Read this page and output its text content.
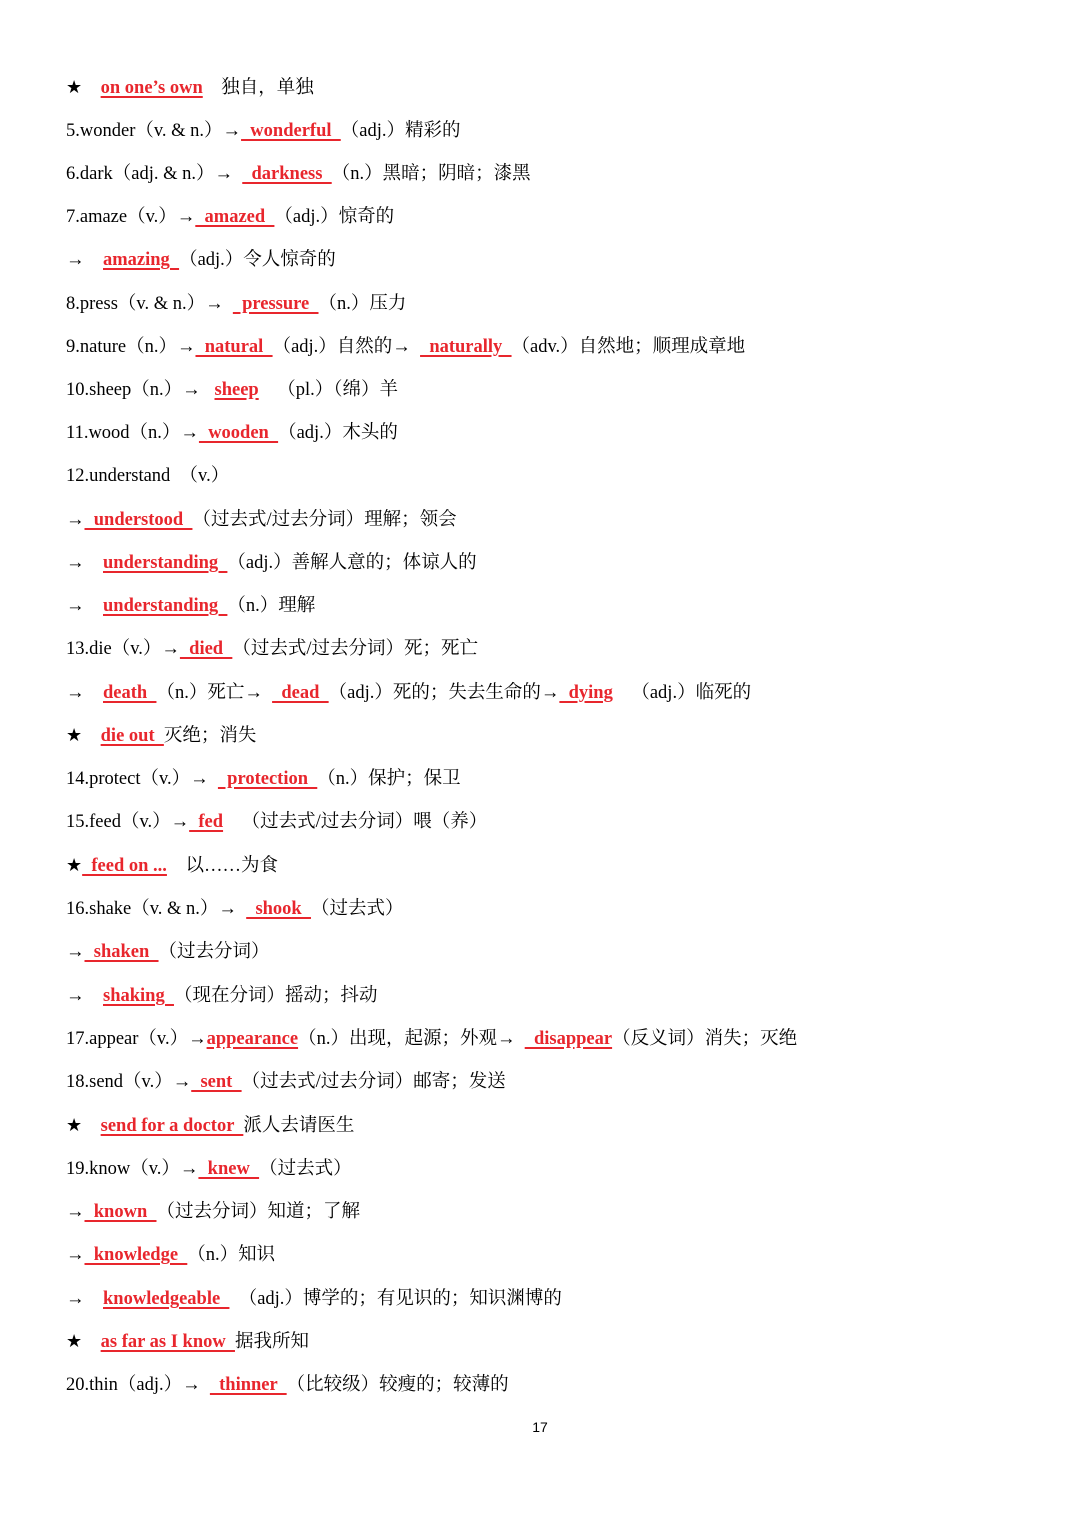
★ on one’s own    独自，单独
5.wonder（v. & n.）→  wonderful  （adj.）精彩的
6.dark（adj. & n.）→    darkness  （n.）黑暗；阴暗；漆黑
7.amaze（v.）→  amazed  （adj.）惊奇的
→    amazing  （adj.）令人惊奇的
8.press（v. & n.）→    pressure  （n.）压力
9.nature（n.）→  natural  （adj.）自然的→    naturally  （adv.）自然地；顺理成章地
10.sheep（n.）→   sheep    （pl.）（绵）羊
11.wood（n.）→  wooden  （adj.）木头的
12.understand  （v.）
→  understood  （过去式/过去分词）理解；领会
→    understanding  （adj.）善解人意的；体谅人的
→    understanding  （n.）理解
13.die（v.）→  died  （过去式/过去分词）死；死亡
→    death  （n.）死亡→    dead  （adj.）死的；失去生命的→  dying    （adj.）临死的
★ die out  灭绝；消失
14.protect（v.）→    protection  （n.）保护；保卫
15.feed（v.）→  fed    （过去式/过去分词）喂（养）
★  feed on ...    以……为食
16.shake（v. & n.）→    shook  （过去式）
→  shaken  （过去分词）
→    shaking  （现在分词）摇动；抖动
17.appear（v.）→appearance（n.）出现，起源；外观→    disappear（反义词）消失；灭绝
18.send（v.）→  sent  （过去式/过去分词）邮寄；发送
★ send for a doctor  派人去请医生
19.know（v.）→  knew  （过去式）
→  known  （过去分词）知道；了解
→  knowledge  （n.）知识
→    knowledgeable    （adj.）博学的；有见识的；知识渊博的
★ as far as I know  据我所知
20.thin（adj.）→    thinner  （比较级）较瘦的；较薄的
17
